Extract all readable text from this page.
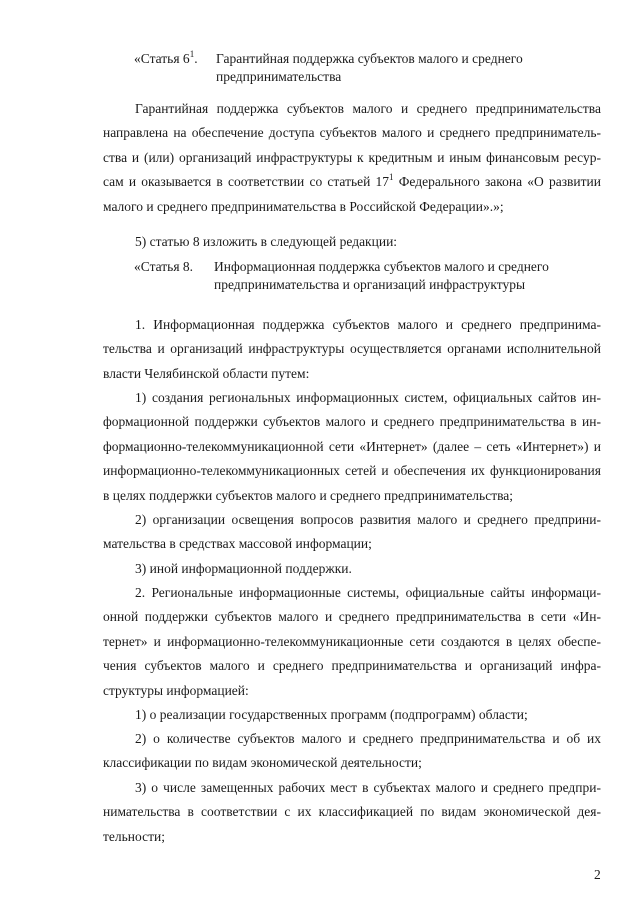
«Статья $6^1$. Гарантийная поддержка субъектов малого и среднего
предпринимательства

Гарантийная поддержка субъектов малого и среднего предпринимательства направлена на обеспечение доступа субъектов малого и среднего предприниматель-ства и (или) организаций инфраструктуры к кредитным и иным финансовым ресур-сам и оказывается в соответствии со статьей $17^1$ Федерального закона «О развитии малого и среднего предпринимательства в Российской Федерации».»;

5) статью 8 изложить в следующей редакции:

«Статья 8. Информационная поддержка субъектов малого и среднего
предпринимательства и организаций инфраструктуры

1. Информационная поддержка субъектов малого и среднего предпринима-тельства и организаций инфраструктуры осуществляется органами исполнительной власти Челябинской области путем:

1) создания региональных информационных систем, официальных сайтов ин-формационной поддержки субъектов малого и среднего предпринимательства в ин-формационно-телекоммуникационной сети «Интернет» (далее – сеть «Интернет») и информационно-телекоммуникационных сетей и обеспечения их функционирования в целях поддержки субъектов малого и среднего предпринимательства;

2) организации освещения вопросов развития малого и среднего предприни-мательства в средствах массовой информации;

3) иной информационной поддержки.

2. Региональные информационные системы, официальные сайты информаци-онной поддержки субъектов малого и среднего предпринимательства в сети «Ин-тернет» и информационно-телекоммуникационные сети создаются в целях обеспе-чения субъектов малого и среднего предпринимательства и организаций инфра-структуры информацией:

1) о реализации государственных программ (подпрограмм) области;

2) о количестве субъектов малого и среднего предпринимательства и об их классификации по видам экономической деятельности;

3) о числе замещенных рабочих мест в субъектах малого и среднего предпри-нимательства в соответствии с их классификацией по видам экономической дея-тельности;

2
